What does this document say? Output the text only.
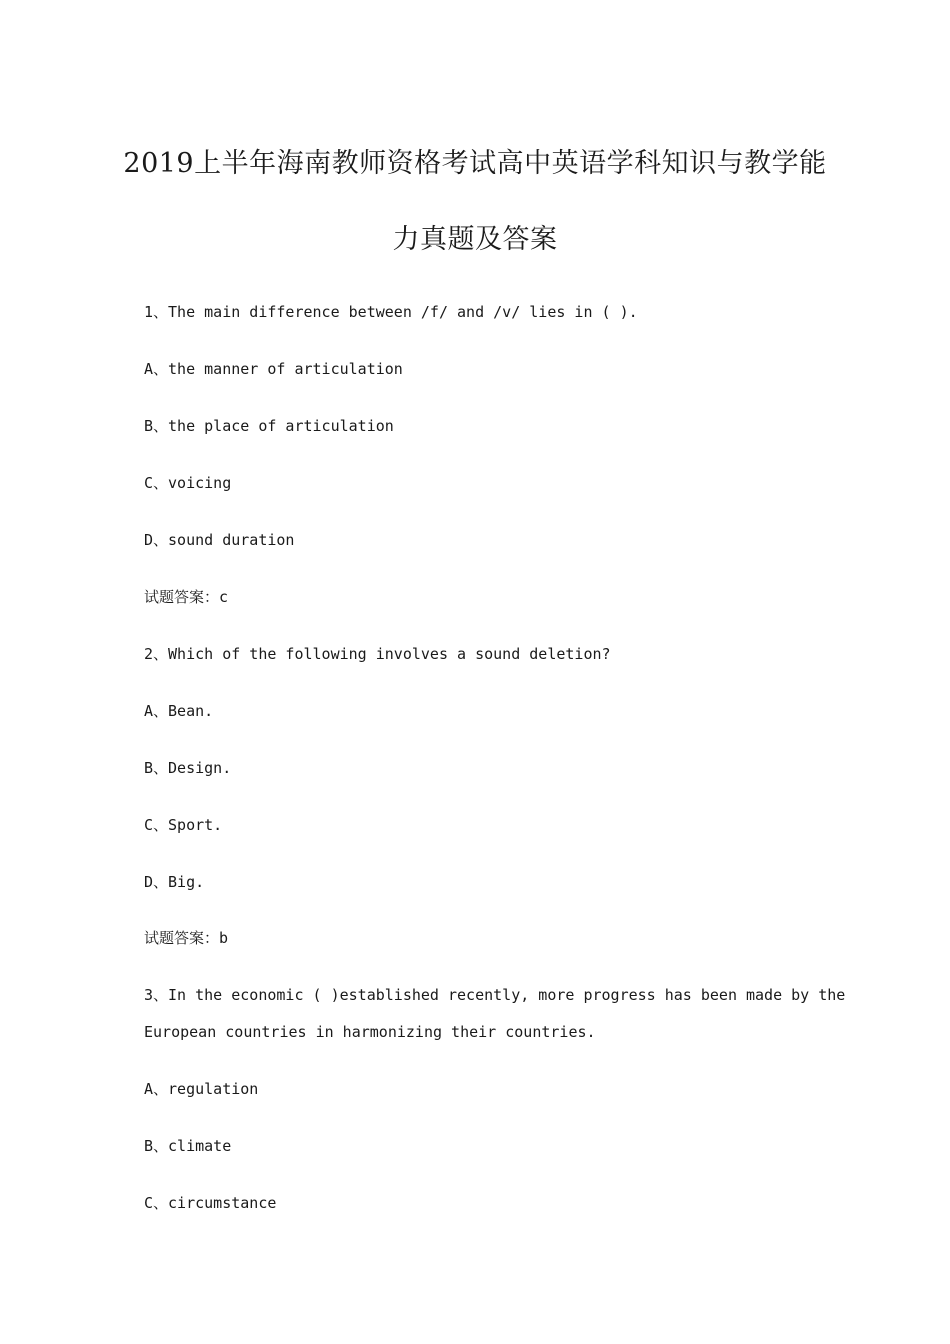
2019上半年海南教师资格考试高中英语学科知识与教学能
力真题及答案
1、The main difference between /f/ and /v/ lies in ( ).
A、the manner of articulation
B、the place of articulation
C、voicing
D、sound duration
试题答案：c
2、Which of the following involves a sound deletion?
A、Bean.
B、Design.
C、Sport.
D、Big.
试题答案：b
3、In the economic ( )established recently, more progress has been made by the
European countries in harmonizing their countries.
A、regulation
B、climate
C、circumstance
